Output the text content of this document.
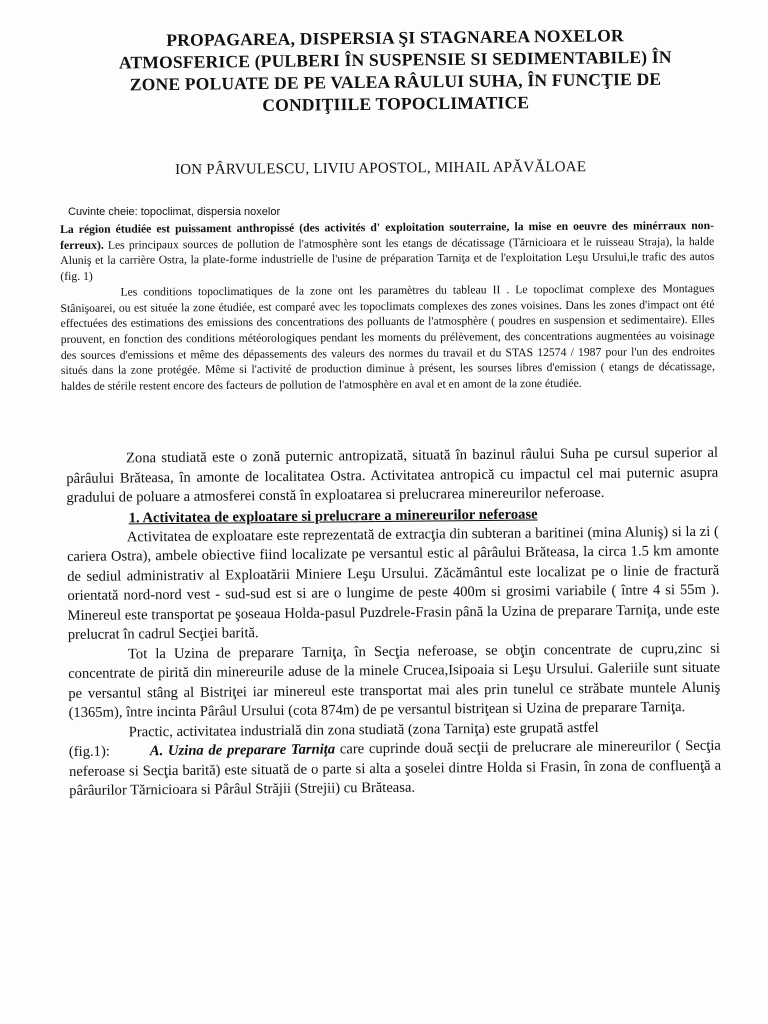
PROPAGAREA, DISPERSIA ŞI STAGNAREA NOXELOR
ATMOSFERICE (PULBERI ÎN SUSPENSIE SI SEDIMENTABILE) ÎN
ZONE POLUATE DE PE VALEA RÂULUI SUHA, ÎN FUNCŢIE DE
CONDIŢIILE TOPOCLIMATICE
ION PÂRVULESCU, LIVIU APOSTOL, MIHAIL APĂVĂLOAE
Cuvinte cheie: topoclimat, dispersia noxelor

La région étudiée est puissament anthropissé (des activités d' exploitation souterraine, la mise en oeuvre des minérraux non-ferreux). Les principaux sources de pollution de l'atmosphère sont les etangs de décatissage (Tărnicioara et le ruisseau Straja), la halde Aluniş et la carrière Ostra, la plate-forme industrielle de l'usine de préparation Tarniţa et de l'exploitation Leşu Ursului,le trafic des autos (fig. 1)

Les conditions topoclimatiques de la zone ont les paramètres du tableau II . Le topoclimat complexe des Montagues Stânişoarei, ou est située la zone étudiée, est comparé avec les topoclimats complexes des zones voisines. Dans les zones d'impact ont été effectuées des estimations des emissions des concentrations des polluants de l'atmosphère ( poudres en suspension et sedimentaire). Elles prouvent, en fonction des conditions météorologiques pendant les moments du prélèvement, des concentrations augmentées au voisinage des sources d'emissions et même des dépassements des valeurs des normes du travail et du STAS 12574 / 1987 pour l'un des endroites situés dans la zone protégée. Même si l'activité de production diminue à présent, les sourses libres d'emission ( etangs de décatissage, haldes de stérile restent encore des facteurs de pollution de l'atmosphère en aval et en amont de la zone étudiée.

Zona studiată este o zonă puternic antropizată, situată în bazinul râului Suha pe cursul superior al pârâului Brăteasa, în amonte de localitatea Ostra. Activitatea antropică cu impactul cel mai puternic asupra gradului de poluare a atmosferei constă în exploatarea si prelucrarea minereurilor neferoase.

1. Activitatea de exploatare si prelucrare a minereurilor neferoase

Activitatea de exploatare este reprezentată de extracţia din subteran a baritinei (mina Aluniş) si la zi ( cariera Ostra), ambele obiective fiind localizate pe versantul estic al pârâului Brăteasa, la circa 1.5 km amonte de sediul administrativ al Exploatării Miniere Leşu Ursului. Zăcământul este localizat pe o linie de fractură orientată nord-nord vest - sud-sud est si are o lungime de peste 400m si grosimi variabile ( între 4 si 55m ). Minereul este transportat pe şoseaua Holda-pasul Puzdrele-Frasin până la Uzina de preparare Tarniţa, unde este prelucrat în cadrul Secţiei barită.

Tot la Uzina de preparare Tarniţa, în Secţia neferoase, se obţin concentrate de cupru,zinc si concentrate de pirită din minereurile aduse de la minele Crucea,Isipoaia si Leşu Ursului. Galeriile sunt situate pe versantul stâng al Bistriţei iar minereul este transportat mai ales prin tunelul ce străbate muntele Aluniş (1365m), între incinta Pârâul Ursului (cota 874m) de pe versantul bistriţean si Uzina de preparare Tarniţa.

Practic, activitatea industrială din zona studiată (zona Tarniţa) este grupată astfel

(fig.1):	A. Uzina de preparare Tarniţa care cuprinde două secţii de prelucrare ale minereurilor ( Secţia neferoase si Secţia barită) este situată de o parte si alta a şoselei dintre Holda si Frasin, în zona de confluenţă a pârâurilor Tărnicioara si Pârâul Străjii (Strejii) cu Brăteasa.
